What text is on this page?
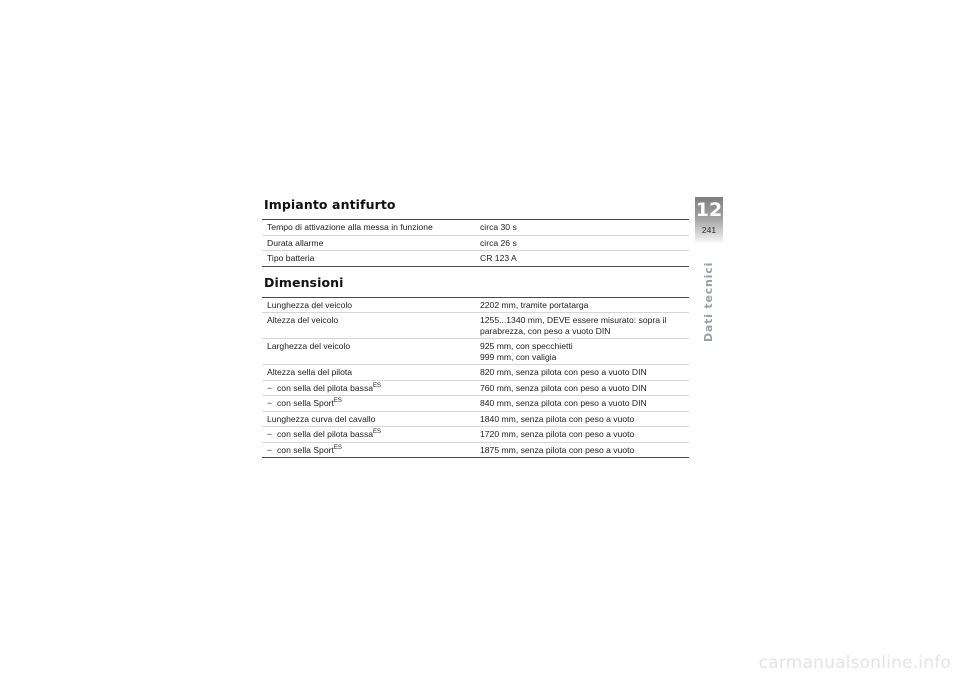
Impianto antifurto
Tempo di attivazione alla messa in funzione	circa 30 s

Durata allarme	circa 26 s

Tipo batteria	CR 123 A
Dimensioni
Lunghezza del veicolo	2202 mm, tramite portatarga

Altezza del veicolo	1255...1340 mm, DEVE essere misurato: sopra il
parabrezza, con peso a vuoto DIN

Larghezza del veicolo	925 mm, con specchietti
999 mm, con valigia

Altezza sella del pilota	820 mm, senza pilota con peso a vuoto DIN

− con sella del pilota bassa$^{ES}$	760 mm, senza pilota con peso a vuoto DIN

− con sella Sport$^{ES}$	840 mm, senza pilota con peso a vuoto DIN

Lunghezza curva del cavallo	1840 mm, senza pilota con peso a vuoto

− con sella del pilota bassa$^{ES}$	1720 mm, senza pilota con peso a vuoto

− con sella Sport$^{ES}$	1875 mm, senza pilota con peso a vuoto
12
241
Dati tecnici
carmanualsonline.info
